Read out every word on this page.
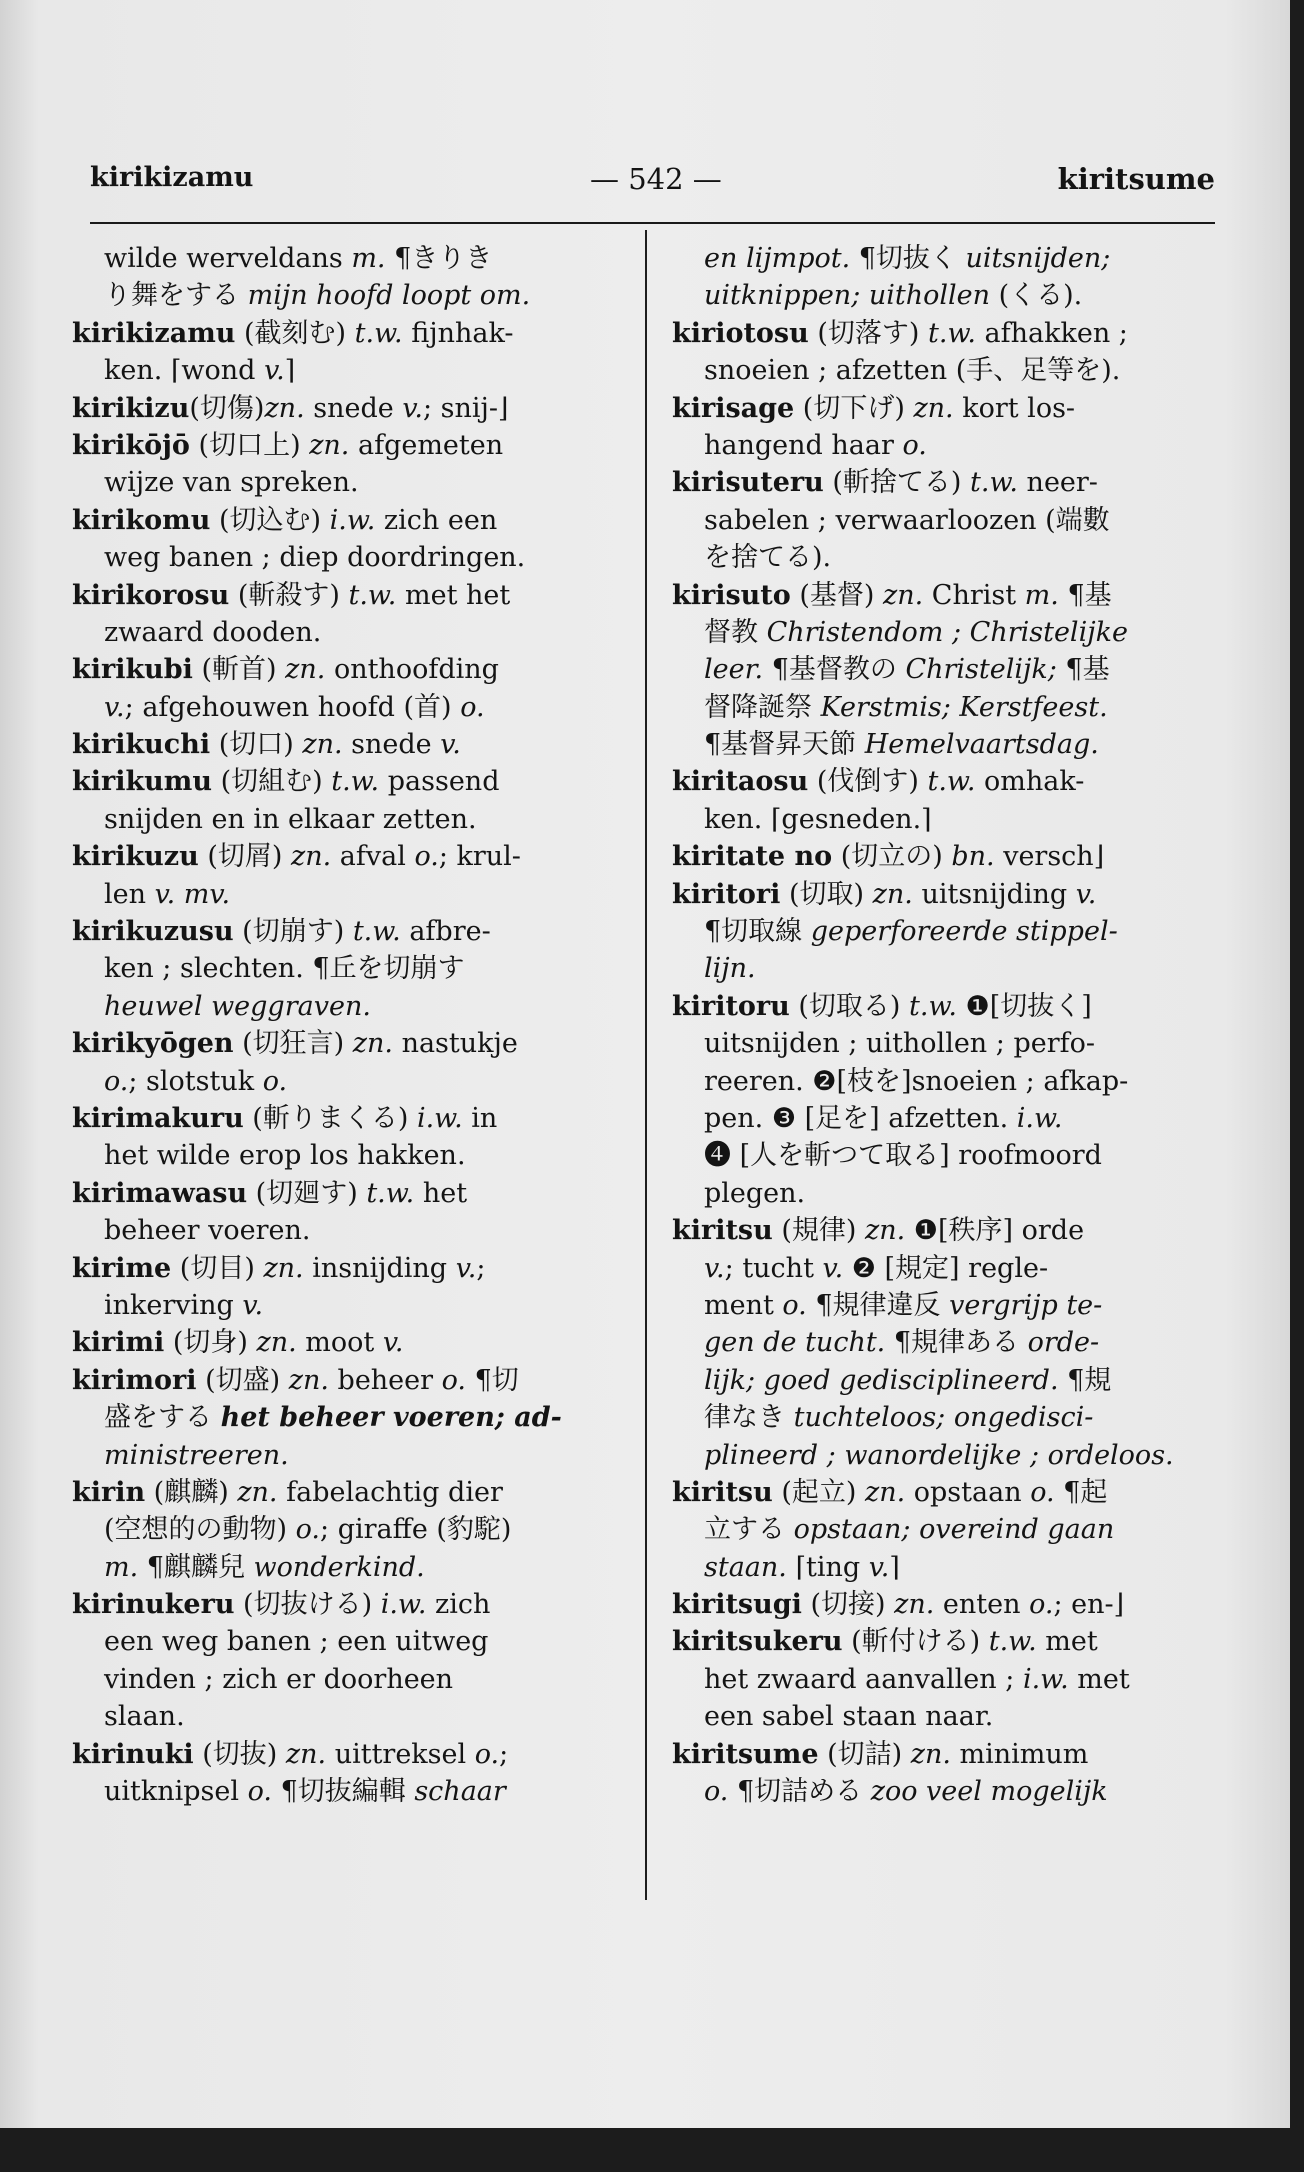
kirikizamu	— 542 —	kiritsume
wilde werveldans m. ¶きりき
り舞をする mijn hoofd loopt om.
kirikizamu (截刻む) t.w. fijnhak-
ken. ⌈wond v.⌉
kirikizu(切傷)zn. snede v.; snij-⌋
kirikōjō (切口上) zn. afgemeten
wijze van spreken.
kirikomu (切込む) i.w. zich een
weg banen ; diep doordringen.
kirikorosu (斬殺す) t.w. met het
zwaard dooden.
kirikubi (斬首) zn. onthoofding
v.; afgehouwen hoofd (首) o.
kirikuchi (切口) zn. snede v.
kirikumu (切組む) t.w. passend
snijden en in elkaar zetten.
kirikuzu (切屑) zn. afval o.; krul-
len v. mv.
kirikuzusu (切崩す) t.w. afbre-
ken ; slechten. ¶丘を切崩す
heuwel weggraven.
kirikyōgen (切狂言) zn. nastukje
o.; slotstuk o.
kirimakuru (斬りまくる) i.w. in
het wilde erop los hakken.
kirimawasu (切廻す) t.w. het
beheer voeren.
kirime (切目) zn. insnijding v.;
inkerving v.
kirimi (切身) zn. moot v.
kirimori (切盛) zn. beheer o. ¶切
盛をする het beheer voeren; ad-
ministreeren.
kirin (麒麟) zn. fabelachtig dier
(空想的の動物) o.; giraffe (豹駝)
m. ¶麒麟兒 wonderkind.
kirinukeru (切抜ける) i.w. zich
een weg banen ; een uitweg
vinden ; zich er doorheen
slaan.
kirinuki (切抜) zn. uittreksel o.;
uitknipsel o. ¶切抜編輯 schaar
en lijmpot. ¶切抜く uitsnijden;
uitknippen; uithollen (くる).
kiriotosu (切落す) t.w. afhakken ;
snoeien ; afzetten (手、足等を).
kirisage (切下げ) zn. kort los-
hangend haar o.
kirisuteru (斬捨てる) t.w. neer-
sabelen ; verwaarloozen (端數
を捨てる).
kirisuto (基督) zn. Christ m. ¶基
督教 Christendom ; Christelijke
leer. ¶基督教の Christelijk; ¶基
督降誕祭 Kerstmis; Kerstfeest.
¶基督昇天節 Hemelvaartsdag.
kiritaosu (伐倒す) t.w. omhak-
ken. ⌈gesneden.⌉
kiritate no (切立の) bn. versch⌋
kiritori (切取) zn. uitsnijding v.
¶切取線 geperforeerde stippel-
lijn.
kiritoru (切取る) t.w. ❶[切抜く]
uitsnijden ; uithollen ; perfo-
reeren. ❷[枝を]snoeien ; afkap-
pen. ❸ [足を] afzetten. i.w.
❹ [人を斬つて取る] roofmoord
plegen.
kiritsu (規律) zn. ❶[秩序] orde
v.; tucht v. ❷ [規定] regle-
ment o. ¶規律違反 vergrijp te-
gen de tucht. ¶規律ある orde-
lijk; goed gedisciplineerd. ¶規
律なき tuchteloos; ongedisci-
plineerd ; wanordelijke ; ordeloos.
kiritsu (起立) zn. opstaan o. ¶起
立する opstaan; overeind gaan
staan. ⌈ting v.⌉
kiritsugi (切接) zn. enten o.; en-⌋
kiritsukeru (斬付ける) t.w. met
het zwaard aanvallen ; i.w. met
een sabel staan naar.
kiritsume (切詰) zn. minimum
o. ¶切詰める zoo veel mogelijk
